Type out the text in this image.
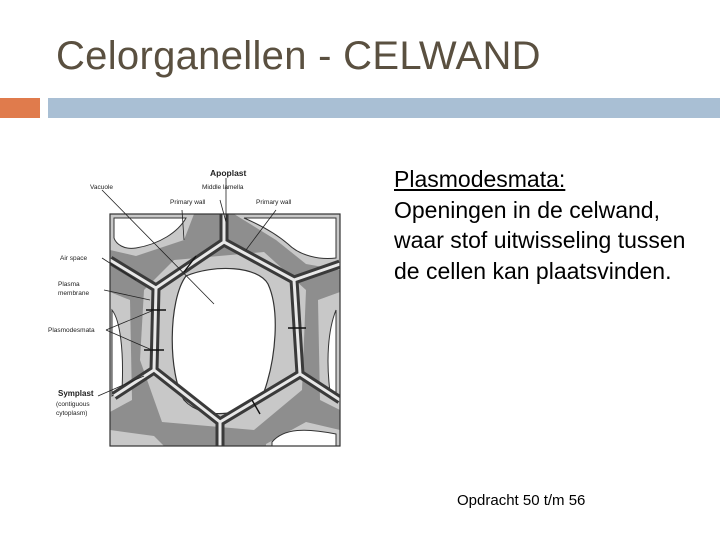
Celorganellen - CELWAND
Apoplast
Middle lamella
Vacuole
Primary wall	Primary wall
Air space
Plasma
membrane
Plasmodesmata
Symplast
(contiguous
cytoplasm)
Plasmodesmata:
Openingen in de celwand, waar stof uitwisseling tussen de cellen kan plaatsvinden.
Opdracht 50 t/m 56
